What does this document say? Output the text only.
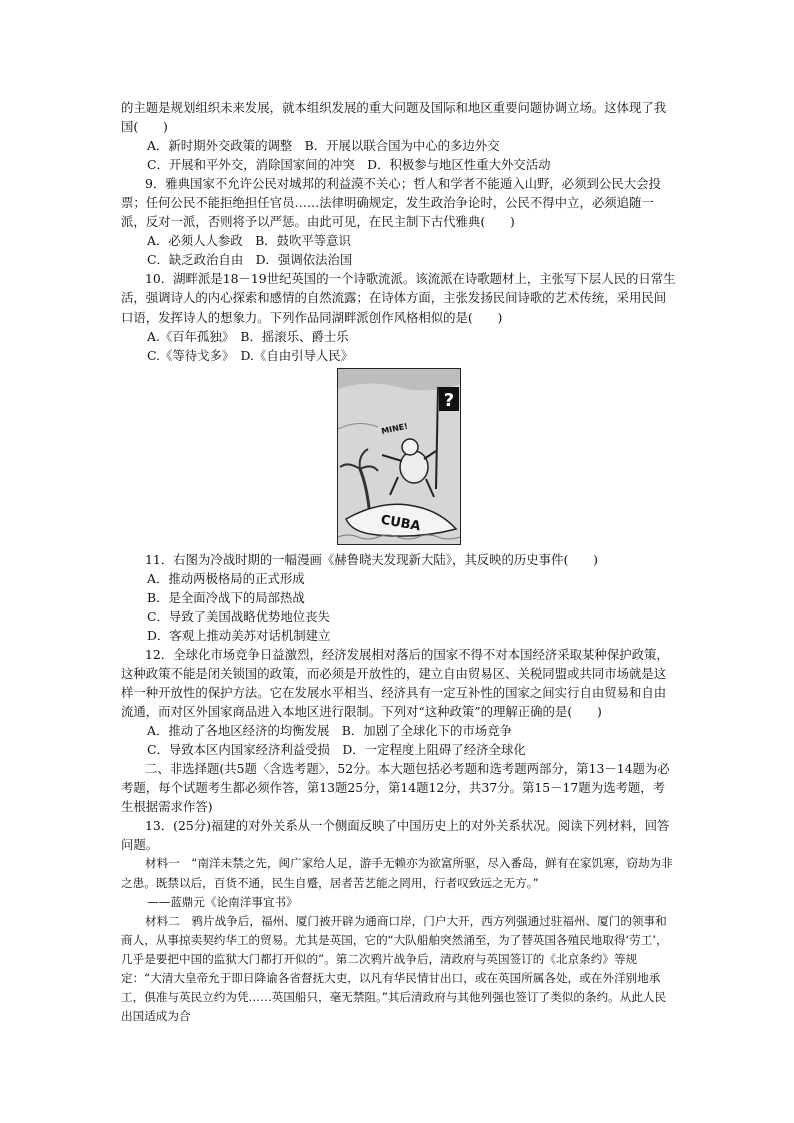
的主题是规划组织未来发展，就本组织发展的重大问题及国际和地区重要问题协调立场。这体现了我国(　　)

A．新时期外交政策的调整　B．开展以联合国为中心的多边外交

C．开展和平外交，消除国家间的冲突　D．积极参与地区性重大外交活动

9．雅典国家不允许公民对城邦的利益漠不关心；哲人和学者不能遁入山野，必须到公民大会投票；任何公民不能拒绝担任官员……法律明确规定，发生政治争论时，公民不得中立，必须追随一派，反对一派，否则将予以严惩。由此可见，在民主制下古代雅典(　　)

A．必须人人参政　B．鼓吹平等意识

C．缺乏政治自由　D．强调依法治国

10．湖畔派是18－19世纪英国的一个诗歌流派。该流派在诗歌题材上，主张写下层人民的日常生活，强调诗人的内心探索和感情的自然流露；在诗体方面，主张发扬民间诗歌的艺术传统，采用民间口语，发挥诗人的想象力。下列作品同湖畔派创作风格相似的是(　　)

A.《百年孤独》　B．摇滚乐、爵士乐

C.《等待戈多》　D.《自由引导人民》

?
MINE!
CUBA

11．右图为冷战时期的一幅漫画《赫鲁晓夫发现新大陆》，其反映的历史事件(　　)

A．推动两极格局的正式形成

B．是全面冷战下的局部热战

C．导致了美国战略优势地位丧失

D．客观上推动美苏对话机制建立

12．全球化市场竞争日益激烈，经济发展相对落后的国家不得不对本国经济采取某种保护政策，这种政策不能是闭关锁国的政策，而必须是开放性的，建立自由贸易区、关税同盟或共同市场就是这样一种开放性的保护方法。它在发展水平相当、经济具有一定互补性的国家之间实行自由贸易和自由流通，而对区外国家商品进入本地区进行限制。下列对“这种政策”的理解正确的是(　　)

A．推动了各地区经济的均衡发展　B．加剧了全球化下的市场竞争

C．导致本区内国家经济利益受损　D．一定程度上阻碍了经济全球化

二、非选择题(共5题〈含选考题〉，52分。本大题包括必考题和选考题两部分，第13－14题为必考题，每个试题考生都必须作答，第13题25分，第14题12分，共37分。第15－17题为选考题，考生根据需求作答)

13．(25分)福建的对外关系从一个侧面反映了中国历史上的对外关系状况。阅读下列材料，回答问题。

材料一　“南洋未禁之先，闽广家给人足，游手无赖亦为欲富所驱，尽入番岛，鲜有在家饥寒，窃劫为非之患。既禁以后，百货不通，民生自蹙，居者苦艺能之罔用，行者叹致远之无方。”

——蓝鼎元《论南洋事宜书》

材料二　鸦片战争后，福州、厦门被开辟为通商口岸，门户大开，西方列强通过驻福州、厦门的领事和商人，从事掠卖契约华工的贸易。尤其是英国，它的“大队船舶突然涌至，为了替英国各殖民地取得‘劳工’，几乎是要把中国的监狱大门都打开似的”。第二次鸦片战争后，清政府与英国签订的《北京条约》等规定：“大清大皇帝允于即日降谕各省督抚大吏，以凡有华民情甘出口，或在英国所属各处，或在外洋别地承工，俱准与英民立约为凭……英国船只，毫无禁阻。”其后清政府与其他列强也签订了类似的条约。从此人民出国适成为合
